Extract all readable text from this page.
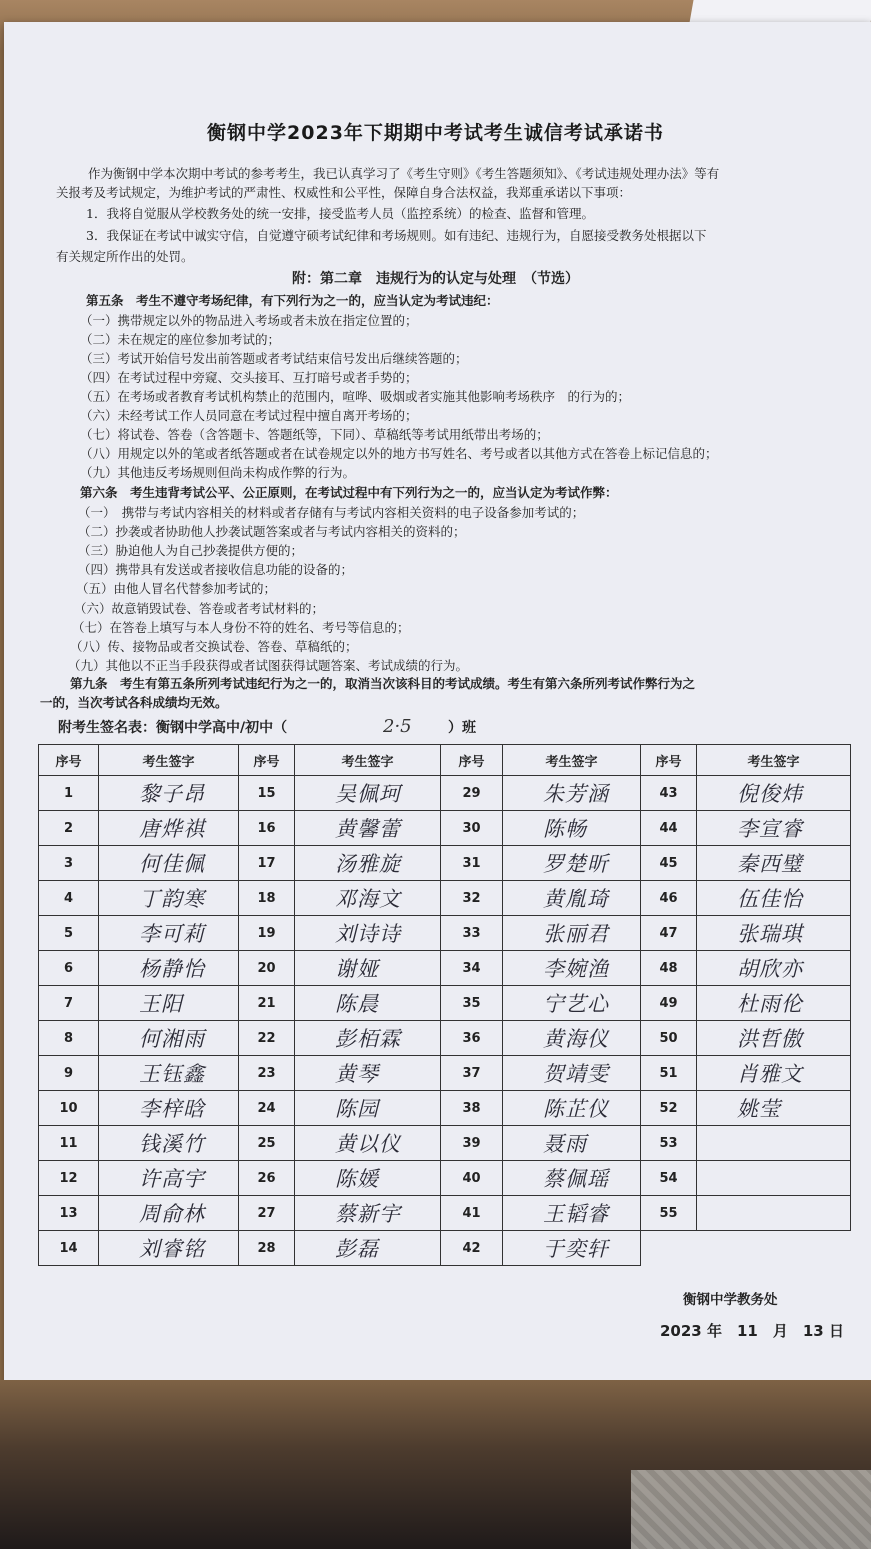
衡钢中学2023年下期期中考试考生诚信考试承诺书
作为衡钢中学本次期中考试的参考考生，我已认真学习了《考生守则》《考生答题须知》、《考试违规处理办法》等有
关报考及考试规定，为维护考试的严肃性、权威性和公平性，保障自身合法权益，我郑重承诺以下事项：
1．我将自觉服从学校教务处的统一安排，接受监考人员（监控系统）的检查、监督和管理。
3．我保证在考试中诚实守信，自觉遵守硕考试纪律和考场规则。如有违纪、违规行为，自愿接受教务处根据以下
有关规定所作出的处罚。
附：第二章　违规行为的认定与处理　（节选）
第五条　考生不遵守考场纪律，有下列行为之一的，应当认定为考试违纪：
（一）携带规定以外的物品进入考场或者未放在指定位置的；
（二）未在规定的座位参加考试的；
（三）考试开始信号发出前答题或者考试结束信号发出后继续答题的；
（四）在考试过程中旁窥、交头接耳、互打暗号或者手势的；
（五）在考场或者教育考试机构禁止的范围内，喧哗、吸烟或者实施其他影响考场秩序　的行为的；
（六）未经考试工作人员同意在考试过程中擅自离开考场的；
（七）将试卷、答卷（含答题卡、答题纸等，下同）、草稿纸等考试用纸带出考场的；
（八）用规定以外的笔或者纸答题或者在试卷规定以外的地方书写姓名、考号或者以其他方式在答卷上标记信息的；
（九）其他违反考场规则但尚未构成作弊的行为。
第六条　考生违背考试公平、公正原则，在考试过程中有下列行为之一的，应当认定为考试作弊：
（一）　携带与考试内容相关的材料或者存储有与考试内容相关资料的电子设备参加考试的；
（二）抄袭或者协助他人抄袭试题答案或者与考试内容相关的资料的；
（三）胁迫他人为自己抄袭提供方便的；
（四）携带具有发送或者接收信息功能的设备的；
（五）由他人冒名代替参加考试的；
（六）故意销毁试卷、答卷或者考试材料的；
（七）在答卷上填写与本人身份不符的姓名、考号等信息的；
（八）传、接物品或者交换试卷、答卷、草稿纸的；
（九）其他以不正当手段获得或者试图获得试题答案、考试成绩的行为。
第九条　考生有第五条所列考试违纪行为之一的，取消当次该科目的考试成绩。考生有第六条所列考试作弊行为之
一的，当次考试各科成绩均无效。
附考生签名表：衡钢中学高中/初中（	2·5	）班
序号	考生签字	序号	考生签字	序号	考生签字	序号	考生签字
1	黎子昂	15	吴佩珂	29	朱芳涵	43	倪俊炜
2	唐烨祺	16	黄馨蕾	30	陈畅	44	李宣睿
3	何佳佩	17	汤雅旋	31	罗楚昕	45	秦西璧
4	丁韵寒	18	邓海文	32	黄胤琦	46	伍佳怡
5	李可莉	19	刘诗诗	33	张丽君	47	张瑞琪
6	杨静怡	20	谢娅	34	李婉渔	48	胡欣亦
7	王阳	21	陈晨	35	宁艺心	49	杜雨伦
8	何湘雨	22	彭栢霖	36	黄海仪	50	洪哲傲
9	王钰鑫	23	黄琴	37	贺靖雯	51	肖雅文
10	李梓晗	24	陈园	38	陈芷仪	52	姚莹
11	钱溪竹	25	黄以仪	39	聂雨	53	
12	许高宇	26	陈媛	40	蔡佩瑶	54	
13	周俞林	27	蔡新宇	41	王韬睿	55	
14	刘睿铭	28	彭磊	42	于奕轩		
衡钢中学教务处
2023 年　11　月　13 日
